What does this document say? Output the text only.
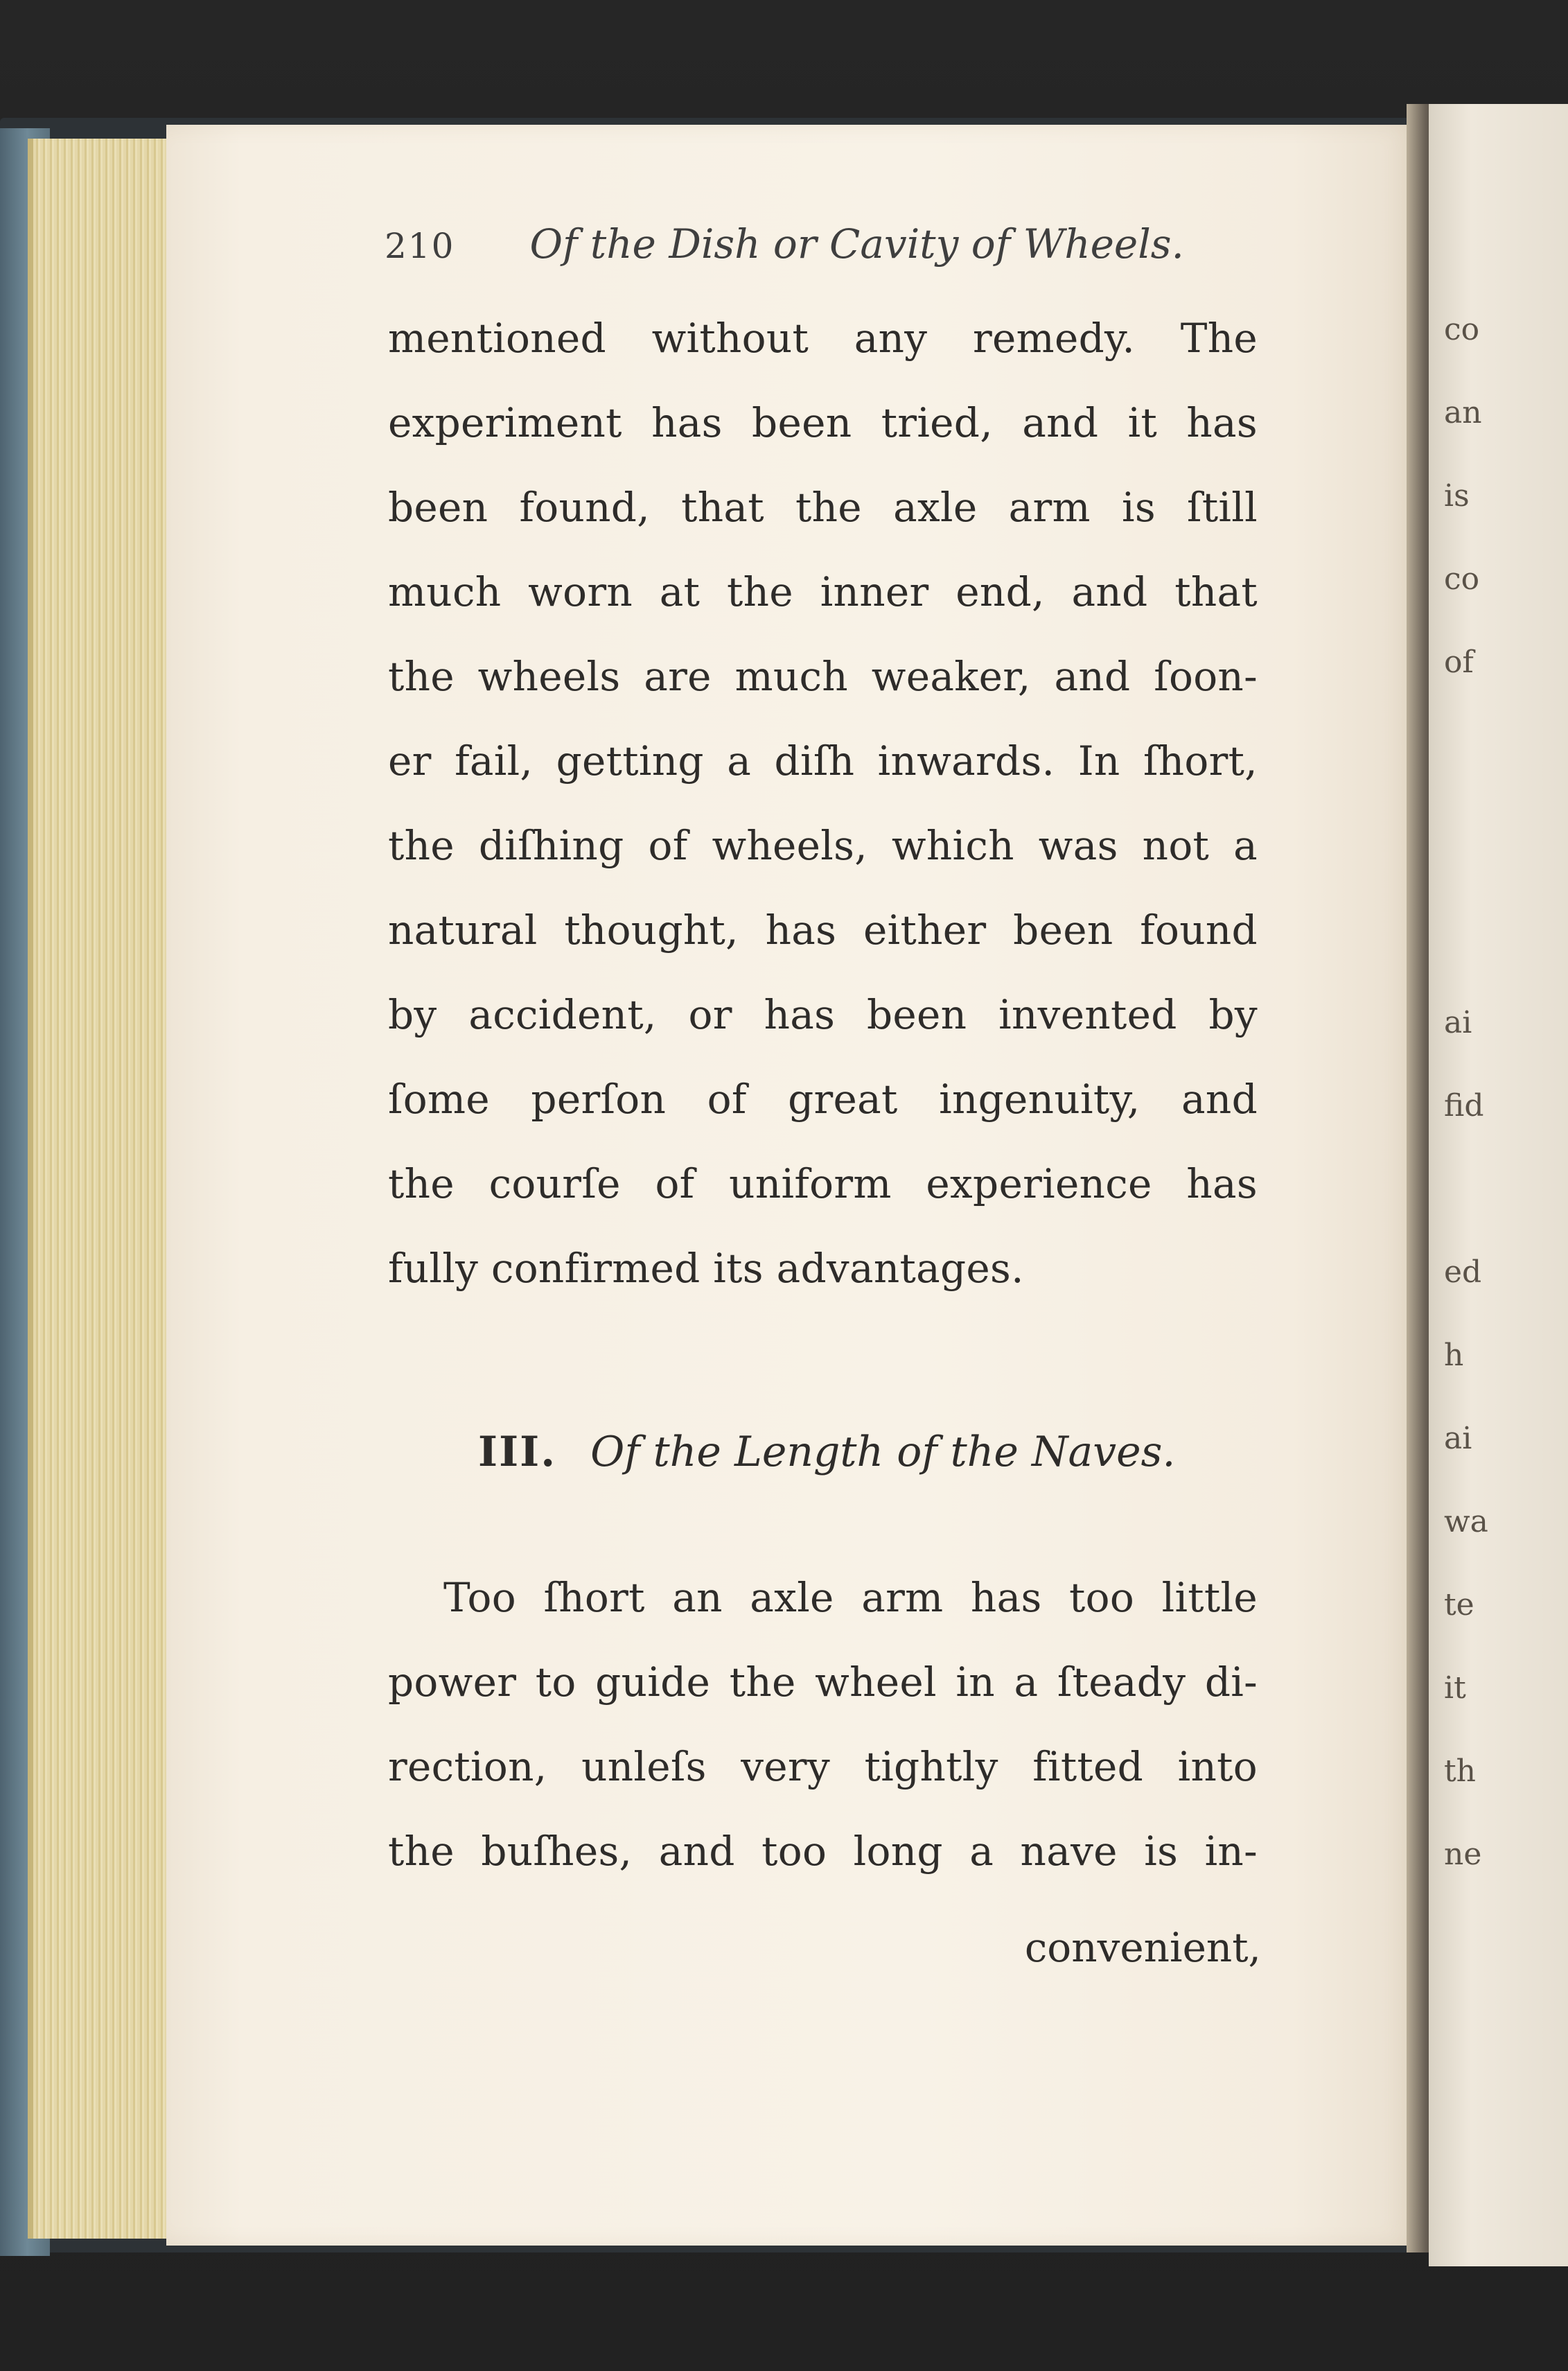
210 Of the Dish or Cavity of Wheels.
mentioned without any remedy. The
experiment has been tried, and it has
been found, that the axle arm is ſtill
much worn at the inner end, and that
the wheels are much weaker, and ſoon-
er fail, getting a diſh inwards. In ſhort,
the diſhing of wheels, which was not a
natural thought, has either been found
by accident, or has been invented by
ſome perſon of great ingenuity, and
the courſe of uniform experience has
fully confirmed its advantages.
III. Of the Length of the Naves.
Too ſhort an axle arm has too little
power to guide the wheel in a ſteady di-
rection, unleſs very tightly fitted into
the buſhes, and too long a nave is in-
convenient,
co
an
is
co
of
ai
fid
ed
h
ai
wa
te
it
th
ne
